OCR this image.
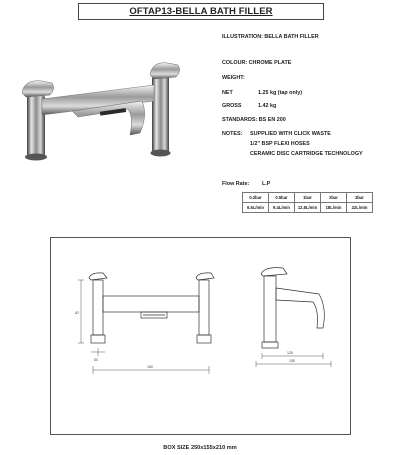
OFTAP13-BELLA BATH FILLER
ILLUSTRATION: BELLA BATH FILLER
COLOUR: CHROME PLATE
WEIGHT:
NET	1.25 kg (tap only)
GROSS	1.42 kg
STANDARDS: BS EN 200
NOTES: SUPPLIED WITH CLICK WASTE
1/2" BSP FLEXI HOSES
CERAMIC DISC CARTRIDGE TECHNOLOGY
Flow Rate: L.P
0.2bar	0.5bar	1bar	2bar	3bar
6.5L/min	9.4L/min	12.8L/min	18L/min	22L/min
62
50
160
125
155
BOX SIZE 250x155x210 mm
